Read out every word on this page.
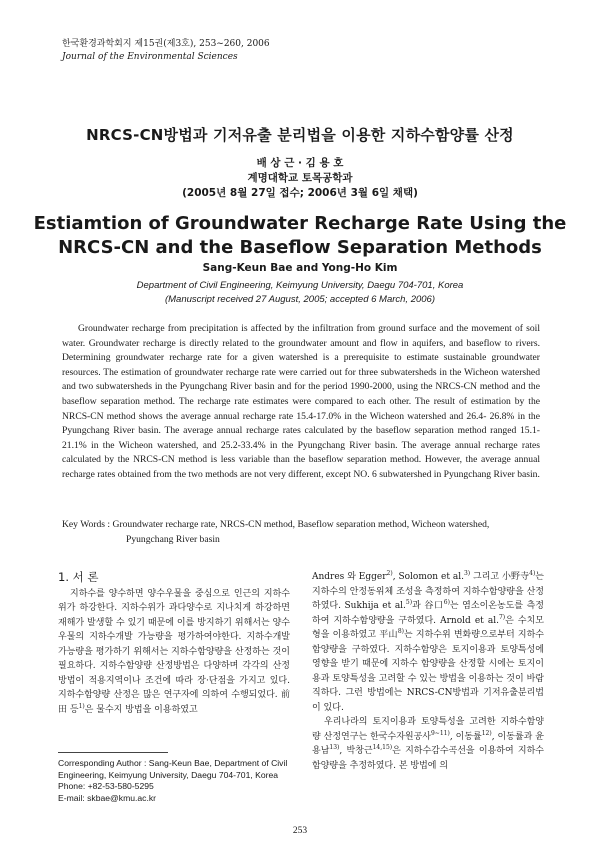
한국환경과학회지 제15권(제3호), 253~260, 2006
Journal of the Environmental Sciences
NRCS-CN방법과 기저유출 분리법을 이용한 지하수함양률 산정
배 상 근 · 김 용 호
계명대학교 토목공학과
(2005년 8월 27일 접수; 2006년 3월 6일 채택)
Estiamtion of Groundwater Recharge Rate Using the
NRCS-CN and the Baseflow Separation Methods
Sang-Keun Bae and Yong-Ho Kim
Department of Civil Engineering, Keimyung University, Daegu 704-701, Korea
(Manuscript received 27 August, 2005; accepted 6 March, 2006)
Groundwater recharge from precipitation is affected by the infiltration from ground surface and the movement of soil water. Groundwater recharge is directly related to the groundwater amount and flow in aquifers, and baseflow to rivers. Determining groundwater recharge rate for a given watershed is a prerequisite to estimate sustainable groundwater resources. The estimation of groundwater recharge rate were carried out for three subwatersheds in the Wicheon watershed and two subwatersheds in the Pyungchang River basin and for the period 1990-2000, using the NRCS-CN method and the baseflow separation method. The recharge rate estimates were compared to each other. The result of estimation by the NRCS-CN method shows the average annual recharge rate 15.4-17.0% in the Wicheon watershed and 26.4- 26.8% in the Pyungchang River basin. The average annual recharge rates calculated by the baseflow separation method ranged 15.1-21.1% in the Wicheon watershed, and 25.2-33.4% in the Pyungchang River basin. The average annual recharge rates calculated by the NRCS-CN method is less variable than the baseflow separation method. However, the average annual recharge rates obtained from the two methods are not very different, except NO. 6 subwatershed in Pyungchang River basin.
Key Words : Groundwater recharge rate, NRCS-CN method, Baseflow separation method, Wicheon watershed,
Pyungchang River basin
1. 서 론

지하수를 양수하면 양수우물을 중심으로 인근의 지하수위가 하강한다. 지하수위가 과다양수로 지나치게 하강하면 재해가 발생할 수 있기 때문에 이를 방지하기 위해서는 양수우물의 지하수개발 가능량을 평가하여야한다. 지하수개발 가능량을 평가하기 위해서는 지하수함양량을 산정하는 것이 필요하다. 지하수함양량 산정방법은 다양하며 각각의 산정방법이 적용지역이나 조건에 따라 장·단점을 가지고 있다. 지하수함양량 산정은 많은 연구자에 의하여 수행되었다. 前田 등$^{1)}$은 물수지 방법을 이용하였고

Andres 와 Egger$^{2)}$, Solomon et al.$^{3)}$ 그리고 小野寺$^{4)}$는 지하수의 안정동위체 조성을 측정하여 지하수함양량을 산정하였다. Sukhija et al.$^{5)}$과 谷口$^{6)}$는 염소이온농도를 측정하여 지하수함양량을 구하였다. Arnold et al.$^{7)}$은 수치모형을 이용하였고 平山$^{8)}$는 지하수위 변화량으로부터 지하수함양량을 구하였다. 지하수함양은 토지이용과 토양특성에 영향을 받기 때문에 지하수 함양량을 산정할 시에는 토지이용과 토양특성을 고려할 수 있는 방법을 이용하는 것이 바람직하다. 그런 방법에는 NRCS-CN방법과 기저유출분리법이 있다.

우리나라의 토지이용과 토양특성을 고려한 지하수함양량 산정연구는 한국수자원공사$^{9\sim 11)}$, 이동률$^{12)}$, 이동률과 윤용남$^{13)}$, 박창근$^{14,15)}$은 지하수감수곡선을 이용하여 지하수함양량을 추정하였다. 본 방법에 의

Corresponding Author : Sang-Keun Bae, Department of Civil
Engineering, Keimyung University, Daegu 704-701, Korea
Phone: +82-53-580-5295
E-mail: skbae@kmu.ac.kr
253
